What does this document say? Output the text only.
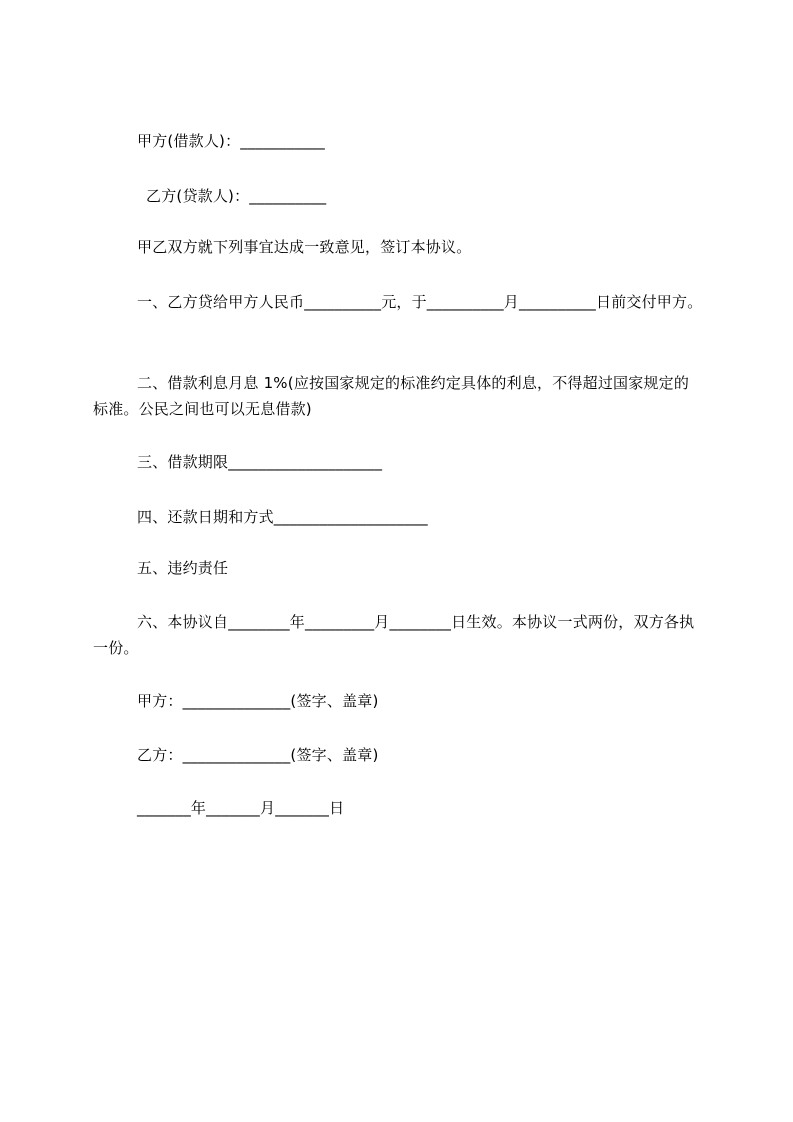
甲方(借款人)：___________
乙方(贷款人)：__________
甲乙双方就下列事宜达成一致意见，签订本协议。
一、乙方贷给甲方人民币__________元，于__________月__________日前交付甲方。
二、借款利息月息 1%(应按国家规定的标准约定具体的利息，不得超过国家规定的标准。公民之间也可以无息借款)
三、借款期限____________________
四、还款日期和方式____________________
五、违约责任
六、本协议自________年_________月________日生效。本协议一式两份，双方各执一份。
甲方：______________(签字、盖章)
乙方：______________(签字、盖章)
_______年_______月_______日
